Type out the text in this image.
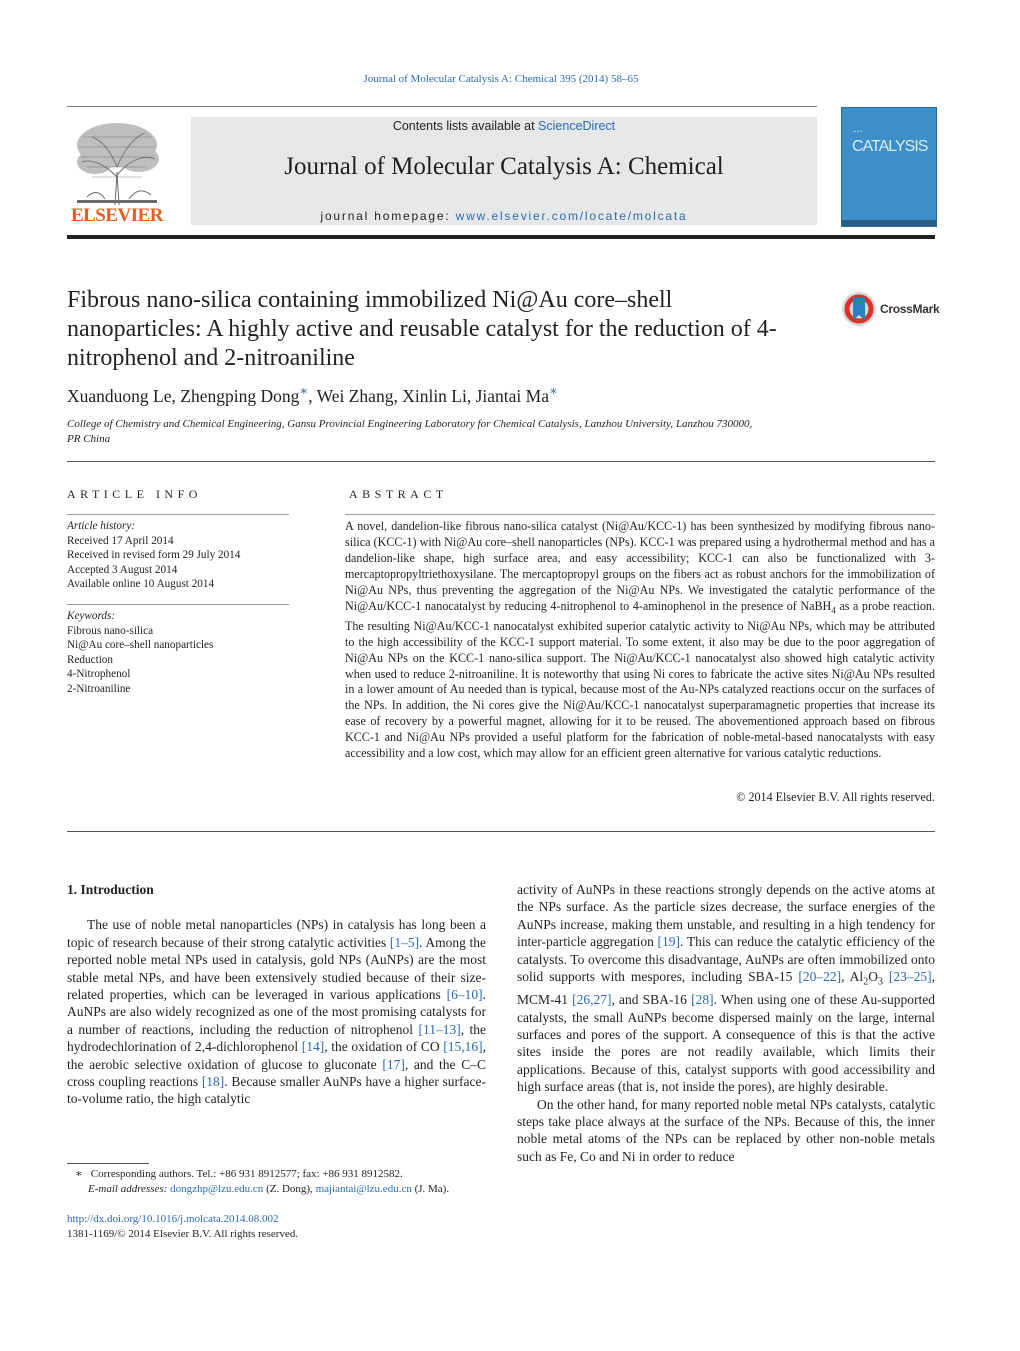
Journal of Molecular Catalysis A: Chemical 395 (2014) 58–65
ELSEVIER
Contents lists available at ScienceDirect
Journal of Molecular Catalysis A: Chemical
journal homepage: www.elsevier.com/locate/molcata
▪ ▪ ▪
CATALYSIS
Fibrous nano-silica containing immobilized Ni@Au core–shell nanoparticles: A highly active and reusable catalyst for the reduction of 4-nitrophenol and 2-nitroaniline
CrossMark
Xuanduong Le, Zhengping Dong∗, Wei Zhang, Xinlin Li, Jiantai Ma∗
College of Chemistry and Chemical Engineering, Gansu Provincial Engineering Laboratory for Chemical Catalysis, Lanzhou University, Lanzhou 730000, PR China
ARTICLE INFO	ABSTRACT
Article history:
Received 17 April 2014
Received in revised form 29 July 2014
Accepted 3 August 2014
Available online 10 August 2014
Keywords:
Fibrous nano-silica
Ni@Au core–shell nanoparticles
Reduction
4-Nitrophenol
2-Nitroaniline
A novel, dandelion-like fibrous nano-silica catalyst (Ni@Au/KCC-1) has been synthesized by modifying fibrous nano-silica (KCC-1) with Ni@Au core–shell nanoparticles (NPs). KCC-1 was prepared using a hydrothermal method and has a dandelion-like shape, high surface area, and easy accessibility; KCC-1 can also be functionalized with 3-mercaptopropyltriethoxysilane. The mercaptopropyl groups on the fibers act as robust anchors for the immobilization of Ni@Au NPs, thus preventing the aggregation of the Ni@Au NPs. We investigated the catalytic performance of the Ni@Au/KCC-1 nanocatalyst by reducing 4-nitrophenol to 4-aminophenol in the presence of NaBH$_4$ as a probe reaction. The resulting Ni@Au/KCC-1 nanocatalyst exhibited superior catalytic activity to Ni@Au NPs, which may be attributed to the high accessibility of the KCC-1 support material. To some extent, it also may be due to the poor aggregation of Ni@Au NPs on the KCC-1 nano-silica support. The Ni@Au/KCC-1 nanocatalyst also showed high catalytic activity when used to reduce 2-nitroaniline. It is noteworthy that using Ni cores to fabricate the active sites Ni@Au NPs resulted in a lower amount of Au needed than is typical, because most of the Au-NPs catalyzed reactions occur on the surfaces of the NPs. In addition, the Ni cores give the Ni@Au/KCC-1 nanocatalyst superparamagnetic properties that increase its ease of recovery by a powerful magnet, allowing for it to be reused. The abovementioned approach based on fibrous KCC-1 and Ni@Au NPs provided a useful platform for the fabrication of noble-metal-based nanocatalysts with easy accessibility and a low cost, which may allow for an efficient green alternative for various catalytic reductions.
© 2014 Elsevier B.V. All rights reserved.

1. Introduction

The use of noble metal nanoparticles (NPs) in catalysis has long been a topic of research because of their strong catalytic activities [1–5]. Among the reported noble metal NPs used in catalysis, gold NPs (AuNPs) are the most stable metal NPs, and have been extensively studied because of their size-related properties, which can be leveraged in various applications [6–10]. AuNPs are also widely recognized as one of the most promising catalysts for a number of reactions, including the reduction of nitrophenol [11–13], the hydrodechlorination of 2,4-dichlorophenol [14], the oxidation of CO [15,16], the aerobic selective oxidation of glucose to gluconate [17], and the C–C cross coupling reactions [18]. Because smaller AuNPs have a higher surface-to-volume ratio, the high catalytic

activity of AuNPs in these reactions strongly depends on the active atoms at the NPs surface. As the particle sizes decrease, the surface energies of the AuNPs increase, making them unstable, and resulting in a high tendency for inter-particle aggregation [19]. This can reduce the catalytic efficiency of the catalysts. To overcome this disadvantage, AuNPs are often immobilized onto solid supports with mespores, including SBA-15 [20–22], $Al_2O_3$ [23–25], MCM-41 [26,27], and SBA-16 [28]. When using one of these Au-supported catalysts, the small AuNPs become dispersed mainly on the large, internal surfaces and pores of the support. A consequence of this is that the active sites inside the pores are not readily available, which limits their applications. Because of this, catalyst supports with good accessibility and high surface areas (that is, not inside the pores), are highly desirable.

On the other hand, for many reported noble metal NPs catalysts, catalytic steps take place always at the surface of the NPs. Because of this, the inner noble metal atoms of the NPs can be replaced by other non-noble metals such as Fe, Co and Ni in order to reduce

∗ Corresponding authors. Tel.: +86 931 8912577; fax: +86 931 8912582.
E-mail addresses: dongzhp@lzu.edu.cn (Z. Dong), majiantai@lzu.edu.cn (J. Ma).
http://dx.doi.org/10.1016/j.molcata.2014.08.002
1381-1169/© 2014 Elsevier B.V. All rights reserved.
